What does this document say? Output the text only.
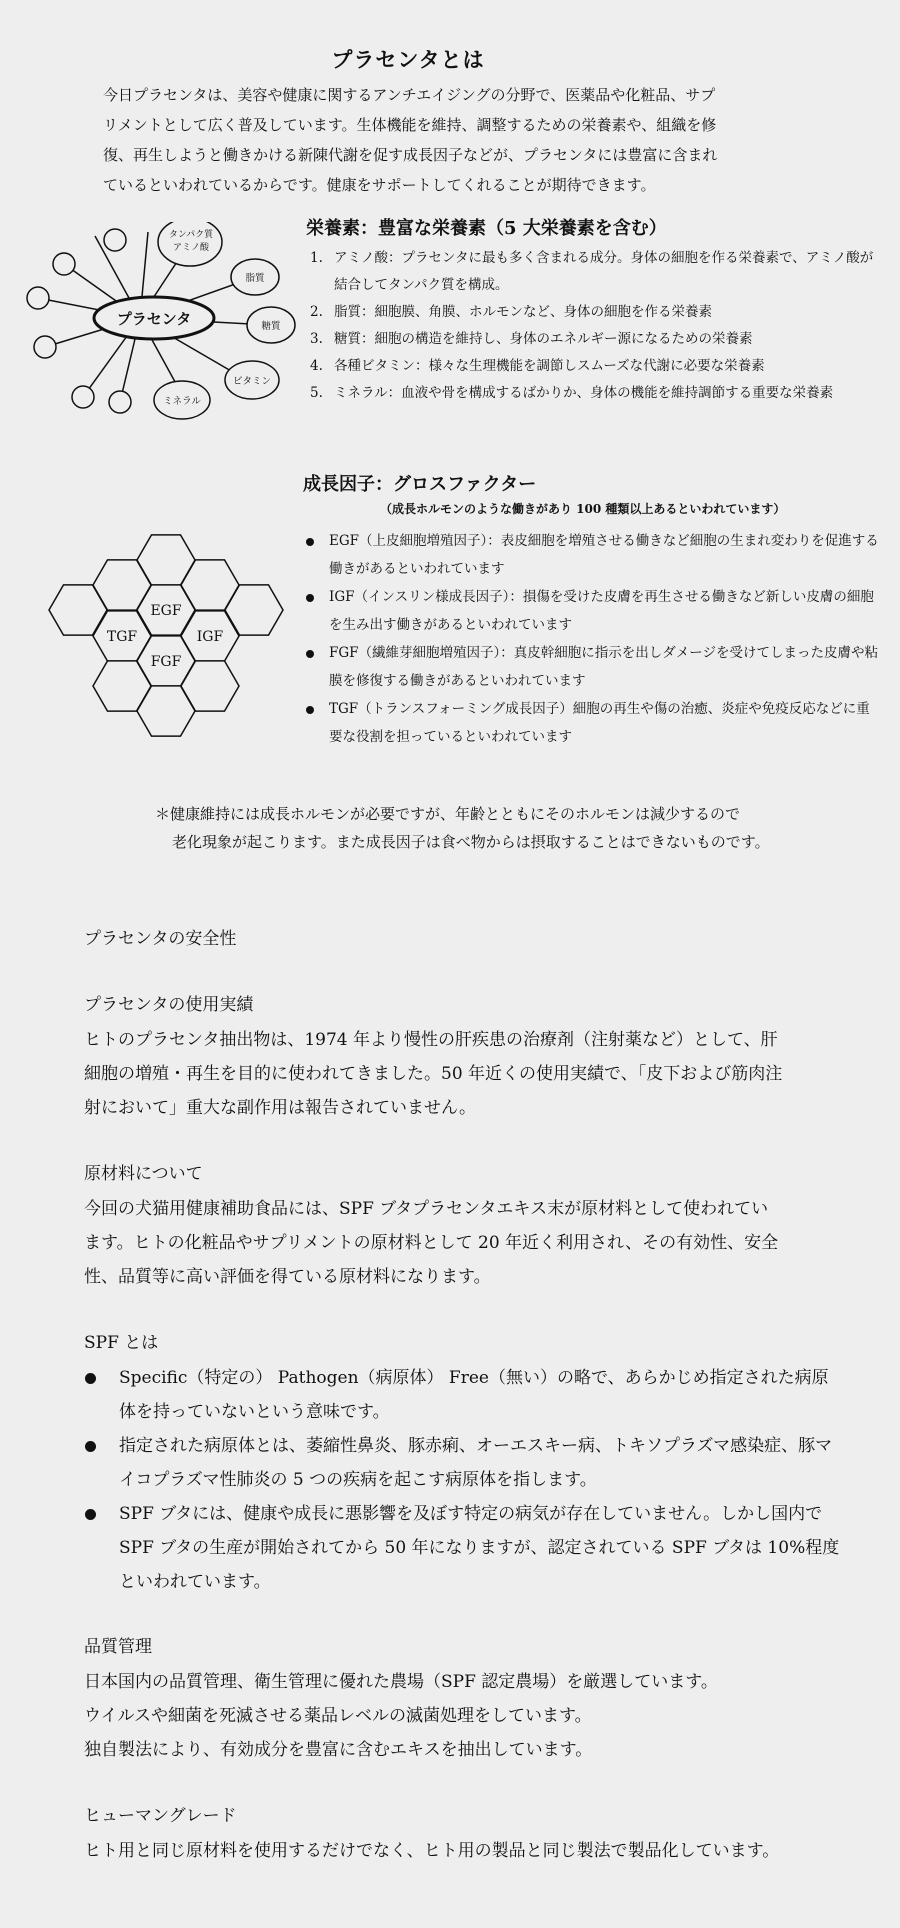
プラセンタとは

今日プラセンタは、美容や健康に関するアンチエイジングの分野で、医薬品や化粧品、サプ

リメントとして広く普及しています。生体機能を維持、調整するための栄養素や、組織を修

復、再生しようと働きかける新陳代謝を促す成長因子などが、プラセンタには豊富に含まれ

ているといわれているからです。健康をサポートしてくれることが期待できます。

プラセンタ
タンパク質
アミノ酸
脂質
糖質
ビタミン
ミネラル
栄養素：豊富な栄養素（5 大栄養素を含む）
1. アミノ酸：プラセンタに最も多く含まれる成分。身体の細胞を作る栄養素で、アミノ酸が結合してタンパク質を構成。
2. 脂質：細胞膜、角膜、ホルモンなど、身体の細胞を作る栄養素
3. 糖質：細胞の構造を維持し、身体のエネルギー源になるための栄養素
4. 各種ビタミン：様々な生理機能を調節しスムーズな代謝に必要な栄養素
5. ミネラル：血液や骨を構成するばかりか、身体の機能を維持調節する重要な栄養素
成長因子：グロスファクター
（成長ホルモンのような働きがあり 100 種類以上あるといわれています）
EGF
TGF	IGF
FGF
EGF（上皮細胞増殖因子）：表皮細胞を増殖させる働きなど細胞の生まれ変わりを促進する働きがあるといわれています
IGF（インスリン様成長因子）：損傷を受けた皮膚を再生させる働きなど新しい皮膚の細胞を生み出す働きがあるといわれています
FGF（繊維芽細胞増殖因子）：真皮幹細胞に指示を出しダメージを受けてしまった皮膚や粘膜を修復する働きがあるといわれています
TGF（トランスフォーミング成長因子）細胞の再生や傷の治癒、炎症や免疫反応などに重要な役割を担っているといわれています

＊健康維持には成長ホルモンが必要ですが、年齢とともにそのホルモンは減少するので

老化現象が起こります。また成長因子は食べ物からは摂取することはできないものです。

プラセンタの安全性
プラセンタの使用実績

ヒトのプラセンタ抽出物は、1974 年より慢性の肝疾患の治療剤（注射薬など）として、肝

細胞の増殖・再生を目的に使われてきました。50 年近くの使用実績で、「皮下および筋肉注

射において」重大な副作用は報告されていません。

原材料について

今回の犬猫用健康補助食品には、SPF ブタプラセンタエキス末が原材料として使われてい

ます。ヒトの化粧品やサプリメントの原材料として 20 年近く利用され、その有効性、安全

性、品質等に高い評価を得ている原材料になります。

SPF とは
Specific（特定の） Pathogen（病原体） Free（無い）の略で、あらかじめ指定された病原体を持っていないという意味です。
指定された病原体とは、萎縮性鼻炎、豚赤痢、オーエスキー病、トキソプラズマ感染症、豚マイコプラズマ性肺炎の 5 つの疾病を起こす病原体を指します。
SPF ブタには、健康や成長に悪影響を及ぼす特定の病気が存在していません。しかし国内で SPF ブタの生産が開始されてから 50 年になりますが、認定されている SPF ブタは 10%程度といわれています。
品質管理

日本国内の品質管理、衛生管理に優れた農場（SPF 認定農場）を厳選しています。

ウイルスや細菌を死滅させる薬品レベルの滅菌処理をしています。

独自製法により、有効成分を豊富に含むエキスを抽出しています。

ヒューマングレード

ヒト用と同じ原材料を使用するだけでなく、ヒト用の製品と同じ製法で製品化しています。
